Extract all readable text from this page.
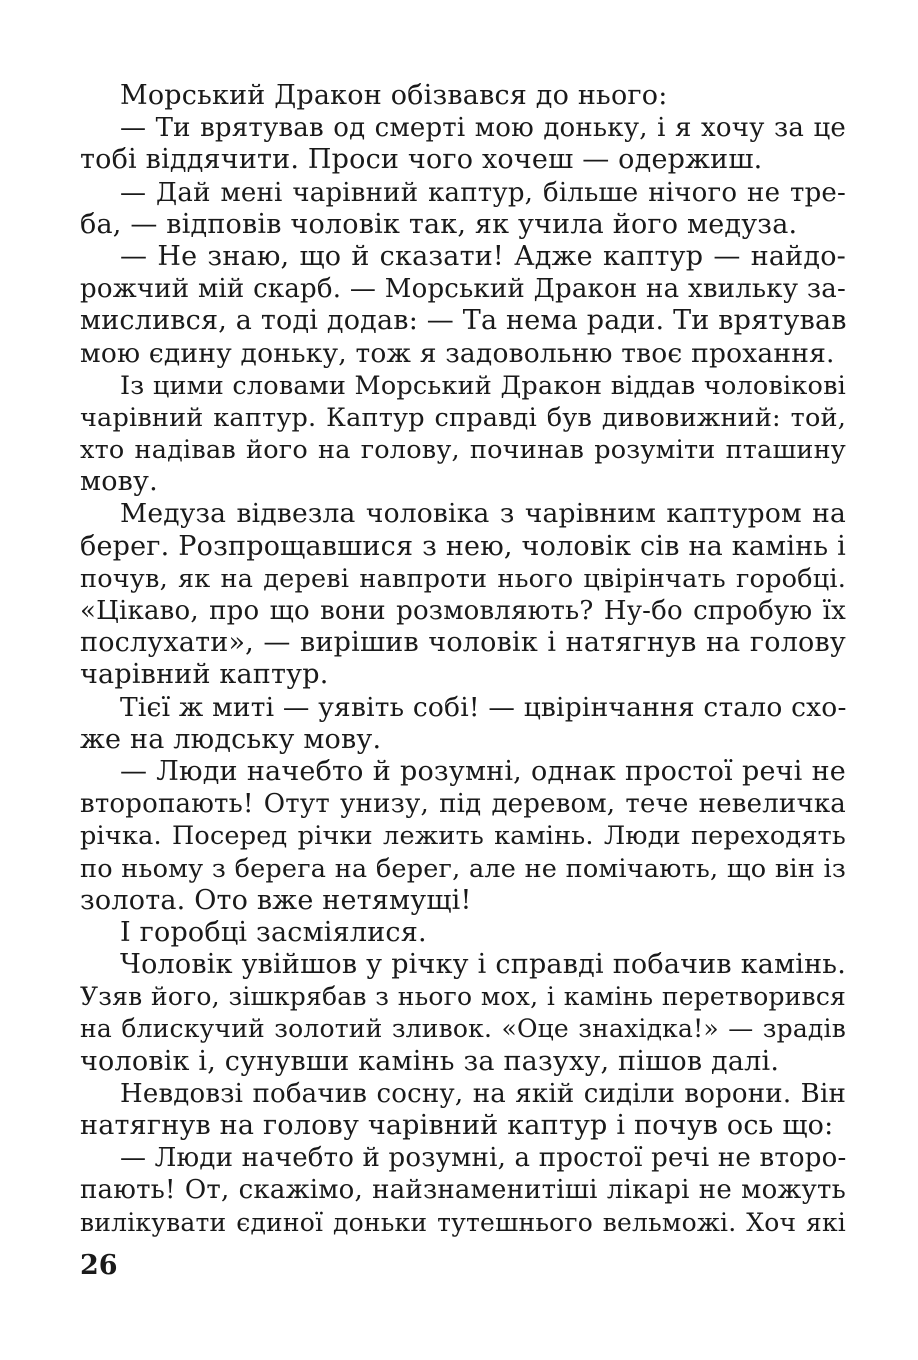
Морський Дракон обізвався до нього:
— Ти врятував од смерті мою доньку, і я хочу за це
тобі віддячити. Проси чого хочеш — одержиш.
— Дай мені чарівний каптур, більше нічого не тре-
ба, — відповів чоловік так, як учила його медуза.
— Не знаю, що й сказати! Адже каптур — найдо-
рожчий мій скарб. — Морський Дракон на хвильку за-
мислився, а тоді додав: — Та нема ради. Ти врятував
мою єдину доньку, тож я задовольню твоє прохання.
Із цими словами Морський Дракон віддав чоловікові
чарівний каптур. Каптур справді був дивовижний: той,
хто надівав його на голову, починав розуміти пташину
мову.
Медуза відвезла чоловіка з чарівним каптуром на
берег. Розпрощавшися з нею, чоловік сів на камінь і
почув, як на дереві навпроти нього цвірінчать горобці.
«Цікаво, про що вони розмовляють? Ну-бо спробую їх
послухати», — вирішив чоловік і натягнув на голову
чарівний каптур.
Тієї ж миті — уявіть собі! — цвірінчання стало схо-
же на людську мову.
— Люди начебто й розумні, однак простої речі не
второпають! Отут унизу, під деревом, тече невеличка
річка. Посеред річки лежить камінь. Люди переходять
по ньому з берега на берег, але не помічають, що він із
золота. Ото вже нетямущі!
І горобці засміялися.
Чоловік увійшов у річку і справді побачив камінь.
Узяв його, зішкрябав з нього мох, і камінь перетворився
на блискучий золотий зливок. «Оце знахідка!» — зрадів
чоловік і, сунувши камінь за пазуху, пішов далі.
Невдовзі побачив сосну, на якій сиділи ворони. Він
натягнув на голову чарівний каптур і почув ось що:
— Люди начебто й розумні, а простої речі не второ-
пають! От, скажімо, найзнаменитіші лікарі не можуть
вилікувати єдиної доньки тутешнього вельможі. Хоч які
26
